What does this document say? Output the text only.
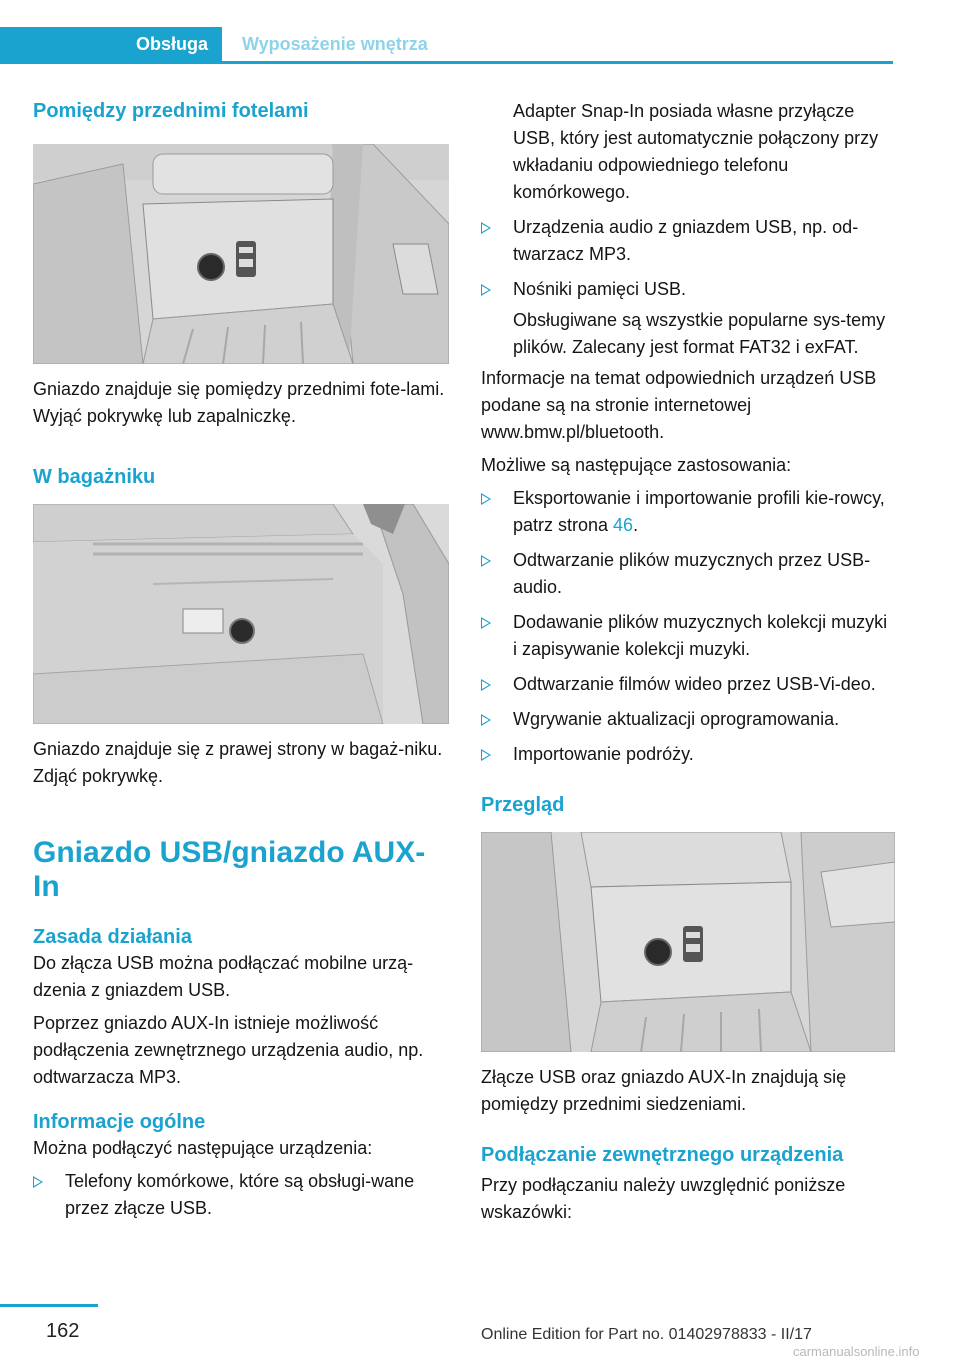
Obsługa	Wyposażenie wnętrza
Pomiędzy przednimi fotelami

Gniazdo znajduje się pomiędzy przednimi fote‐lami. Wyjąć pokrywkę lub zapalniczkę.

W bagażniku

Gniazdo znajduje się z prawej strony w bagaż‐niku. Zdjąć pokrywkę.

Gniazdo USB/gniazdo AUX-In
Zasada działania

Do złącza USB można podłączać mobilne urzą‐dzenia z gniazdem USB.

Poprzez gniazdo AUX-In istnieje możliwość podłączenia zewnętrznego urządzenia audio, np. odtwarzacza MP3.

Informacje ogólne

Można podłączyć następujące urządzenia:

Telefony komórkowe, które są obsługi‐wane przez złącze USB.
Adapter Snap-In posiada własne przyłącze USB, który jest automatycznie połączony przy wkładaniu odpowiedniego telefonu komórkowego.
Urządzenia audio z gniazdem USB, np. od‐twarzacz MP3.
Nośniki pamięci USB.
Obsługiwane są wszystkie popularne sys‐temy plików. Zalecany jest format FAT32 i exFAT.

Informacje na temat odpowiednich urządzeń USB podane są na stronie internetowej www.bmw.pl/bluetooth.

Możliwe są następujące zastosowania:

Eksportowanie i importowanie profili kie‐rowcy, patrz strona 46.
Odtwarzanie plików muzycznych przez USB-audio.
Dodawanie plików muzycznych kolekcji muzyki i zapisywanie kolekcji muzyki.
Odtwarzanie filmów wideo przez USB-Vi‐deo.
Wgrywanie aktualizacji oprogramowania.
Importowanie podróży.
Przegląd

Złącze USB oraz gniazdo AUX-In znajdują się pomiędzy przednimi siedzeniami.

Podłączanie zewnętrznego urządzenia

Przy podłączaniu należy uwzględnić poniższe wskazówki:

162	Online Edition for Part no. 01402978833 - II/17
carmanualsonline.info
